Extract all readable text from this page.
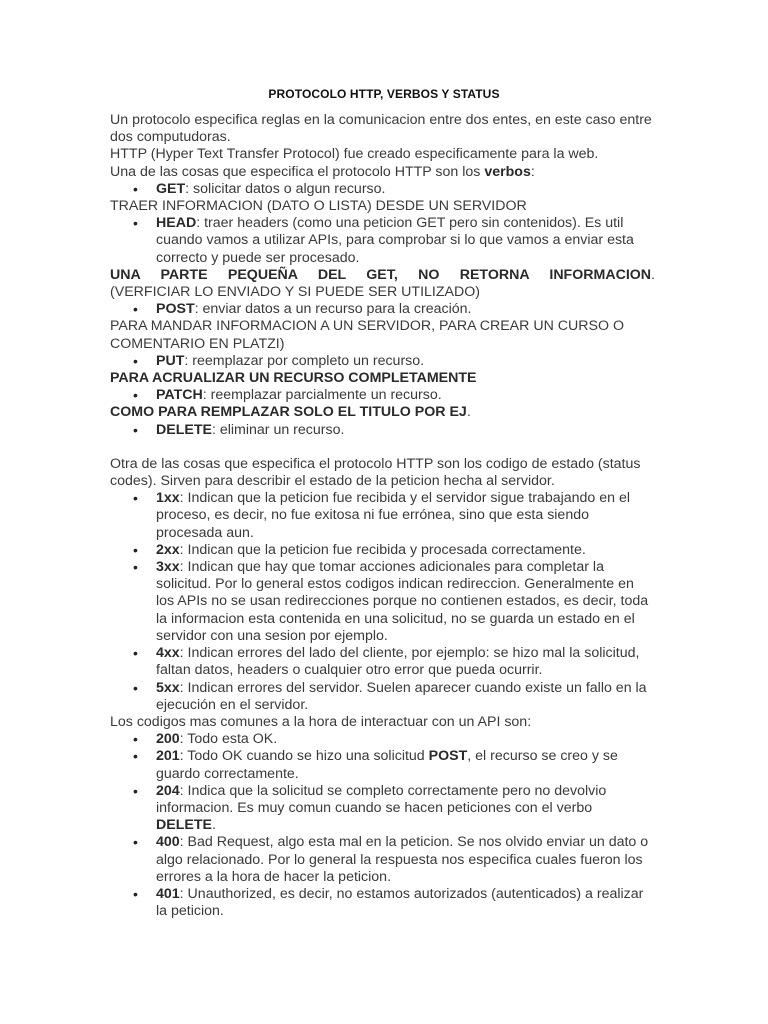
PROTOCOLO HTTP, VERBOS Y STATUS

Un protocolo especifica reglas en la comunicacion entre dos entes, en este caso entre dos computudoras.

HTTP (Hyper Text Transfer Protocol) fue creado especificamente para la web.

Una de las cosas que especifica el protocolo HTTP son los verbos:

• GET: solicitar datos o algun recurso.

TRAER INFORMACION (DATO O LISTA) DESDE UN SERVIDOR

• HEAD: traer headers (como una peticion GET pero sin contenidos). Es util cuando vamos a utilizar APIs, para comprobar si lo que vamos a enviar esta correcto y puede ser procesado.

UNA PARTE PEQUEÑA DEL GET, NO RETORNA INFORMACION.

(VERFICIAR LO ENVIADO Y SI PUEDE SER UTILIZADO)

• POST: enviar datos a un recurso para la creación.

PARA MANDAR INFORMACION A UN SERVIDOR, PARA CREAR UN CURSO O COMENTARIO EN PLATZI)

• PUT: reemplazar por completo un recurso.

PARA ACRUALIZAR UN RECURSO COMPLETAMENTE

• PATCH: reemplazar parcialmente un recurso.

COMO PARA REMPLAZAR SOLO EL TITULO POR EJ.

• DELETE: eliminar un recurso.

Otra de las cosas que especifica el protocolo HTTP son los codigo de estado (status codes). Sirven para describir el estado de la peticion hecha al servidor.

• 1xx: Indican que la peticion fue recibida y el servidor sigue trabajando en el proceso, es decir, no fue exitosa ni fue errónea, sino que esta siendo procesada aun.
• 2xx: Indican que la peticion fue recibida y procesada correctamente.
• 3xx: Indican que hay que tomar acciones adicionales para completar la solicitud. Por lo general estos codigos indican redireccion. Generalmente en los APIs no se usan redirecciones porque no contienen estados, es decir, toda la informacion esta contenida en una solicitud, no se guarda un estado en el servidor con una sesion por ejemplo.
• 4xx: Indican errores del lado del cliente, por ejemplo: se hizo mal la solicitud, faltan datos, headers o cualquier otro error que pueda ocurrir.
• 5xx: Indican errores del servidor. Suelen aparecer cuando existe un fallo en la ejecución en el servidor.

Los codigos mas comunes a la hora de interactuar con un API son:

• 200: Todo esta OK.
• 201: Todo OK cuando se hizo una solicitud POST, el recurso se creo y se guardo correctamente.
• 204: Indica que la solicitud se completo correctamente pero no devolvio informacion. Es muy comun cuando se hacen peticiones con el verbo DELETE.
• 400: Bad Request, algo esta mal en la peticion. Se nos olvido enviar un dato o algo relacionado. Por lo general la respuesta nos especifica cuales fueron los errores a la hora de hacer la peticion.
• 401: Unauthorized, es decir, no estamos autorizados (autenticados) a realizar la peticion.
